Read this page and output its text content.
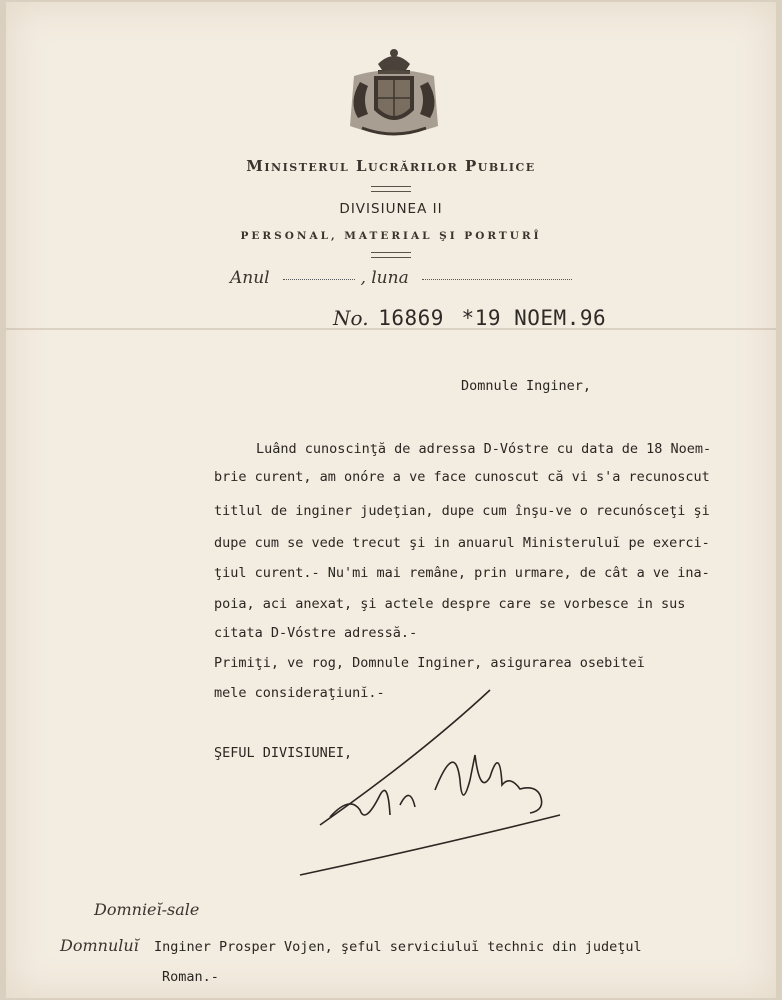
Ministerul Lucrărilor Publice
DIVISIUNEA II
PERSONAL, MATERIAL ŞI PORTURÎ
Anul	, luna
No. 16869 *19 NOEM.96
Domnule Inginer,
Luând cunoscinţă de adressa D-Vóstre cu data de 18 Noem-
brie curent, am onóre a ve face cunoscut că vi s'a recunoscut
titlul de inginer judeţian, dupe cum înşu-ve o recunósceţi şi
dupe cum se vede trecut şi in anuarul Ministeruluĭ pe exerci-
ţiul curent.- Nu'mi mai remâne, prin urmare, de cât a ve ina-
poia, aci anexat, şi actele despre care se vorbesce in sus
citata D-Vóstre adressă.-
Primiţi, ve rog, Domnule Inginer, asigurarea osebiteĭ
mele consideraţiunĭ.-
ŞEFUL DIVISIUNEI,
Domnieĭ-sale
Domnuluĭ Inginer Prosper Vojen, şeful serviciuluĭ technic din judeţul
Roman.-
